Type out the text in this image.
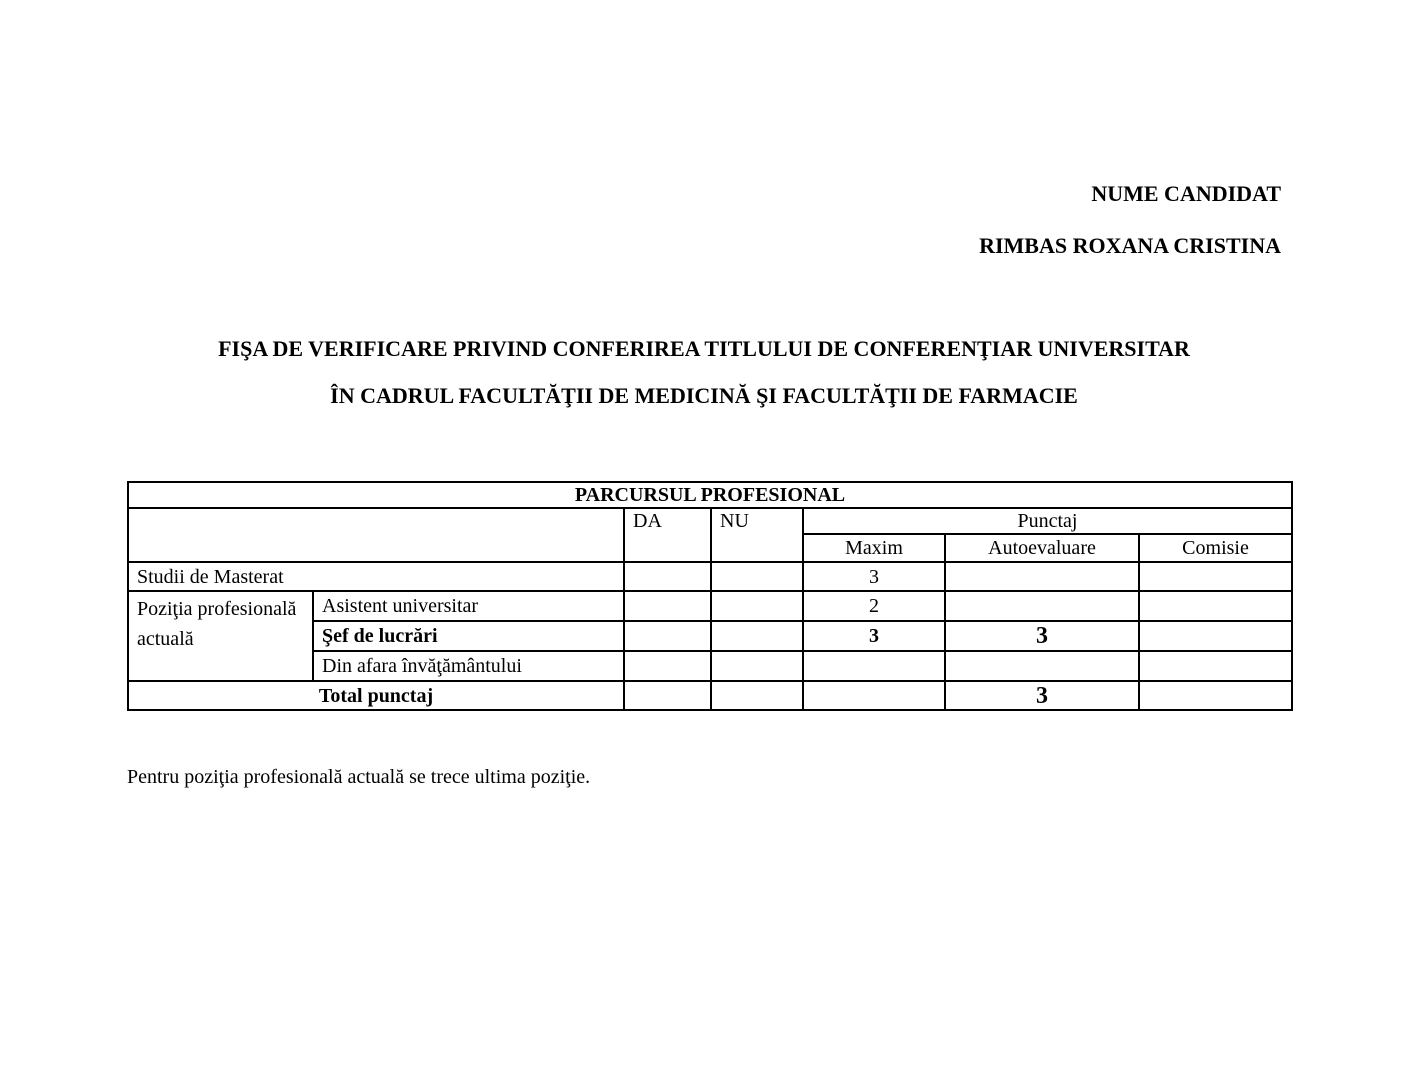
NUME CANDIDAT
RIMBAS ROXANA CRISTINA
FIŞA DE VERIFICARE PRIVIND CONFERIREA TITLULUI DE CONFERENŢIAR UNIVERSITAR
ÎN CADRUL FACULTĂŢII DE MEDICINĂ ŞI FACULTĂŢII DE FARMACIE
PARCURSUL PROFESIONAL						
		DA	NU	Punctaj		
				Maxim	Autoevaluare	Comisie
Studii de Masterat				3		
Poziţia profesională actuală	Asistent universitar			2		
	Şef de lucrări			3	3	
	Din afara învăţământului					
Total punctaj					3	
Pentru poziţia profesională actuală se trece ultima poziţie.
